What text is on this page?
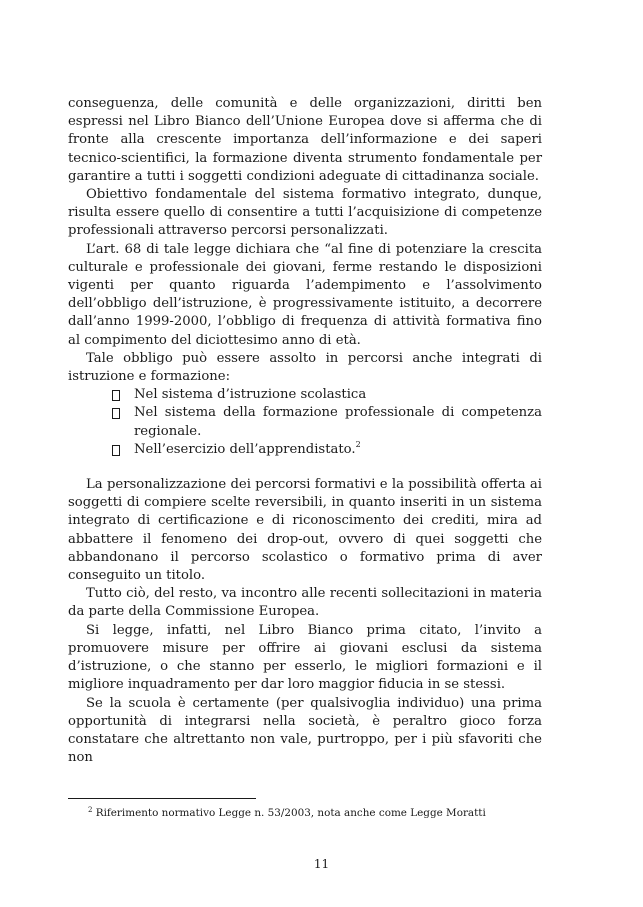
conseguenza, delle comunità e delle organizzazioni, diritti ben espressi nel Libro Bianco dell’Unione Europea dove si afferma che di fronte alla crescente importanza dell’informazione e dei saperi tecnico-scientifici, la formazione diventa strumento fondamentale per garantire a tutti i soggetti condizioni adeguate di cittadinanza sociale.

Obiettivo fondamentale del sistema formativo integrato, dunque, risulta essere quello di consentire a tutti l’acquisizione di competenze professionali attraverso percorsi personalizzati.

L’art. 68 di tale legge dichiara che “al fine di potenziare la crescita culturale e professionale dei giovani, ferme restando le disposizioni vigenti per quanto riguarda l’adempimento e l’assolvimento dell’obbligo dell’istruzione, è progressivamente istituito, a decorrere dall’anno 1999-2000, l’obbligo di frequenza di attività formativa fino al compimento del diciottesimo anno di età.

Tale obbligo può essere assolto in percorsi anche integrati di istruzione e formazione:

Nel sistema d’istruzione scolastica
Nel sistema della formazione professionale di competenza regionale.
Nell’esercizio dell’apprendistato.$^2$

La personalizzazione dei percorsi formativi e la possibilità offerta ai soggetti di compiere scelte reversibili, in quanto inseriti in un sistema integrato di certificazione e di riconoscimento dei crediti, mira ad abbattere il fenomeno dei drop-out, ovvero di quei soggetti che abbandonano il percorso scolastico o formativo prima di aver conseguito un titolo.

Tutto ciò, del resto, va incontro alle recenti sollecitazioni in materia da parte della Commissione Europea.

Si legge, infatti, nel Libro Bianco prima citato, l’invito a promuovere misure per offrire ai giovani esclusi da sistema d’istruzione, o che stanno per esserlo, le migliori formazioni e il migliore inquadramento per dar loro maggior fiducia in se stessi.

Se la scuola è certamente (per qualsivoglia individuo) una prima opportunità di integrarsi nella società, è peraltro gioco forza constatare che altrettanto non vale, purtroppo, per i più sfavoriti che non

$^2$ Riferimento normativo Legge n. 53/2003, nota anche come Legge Moratti
11
